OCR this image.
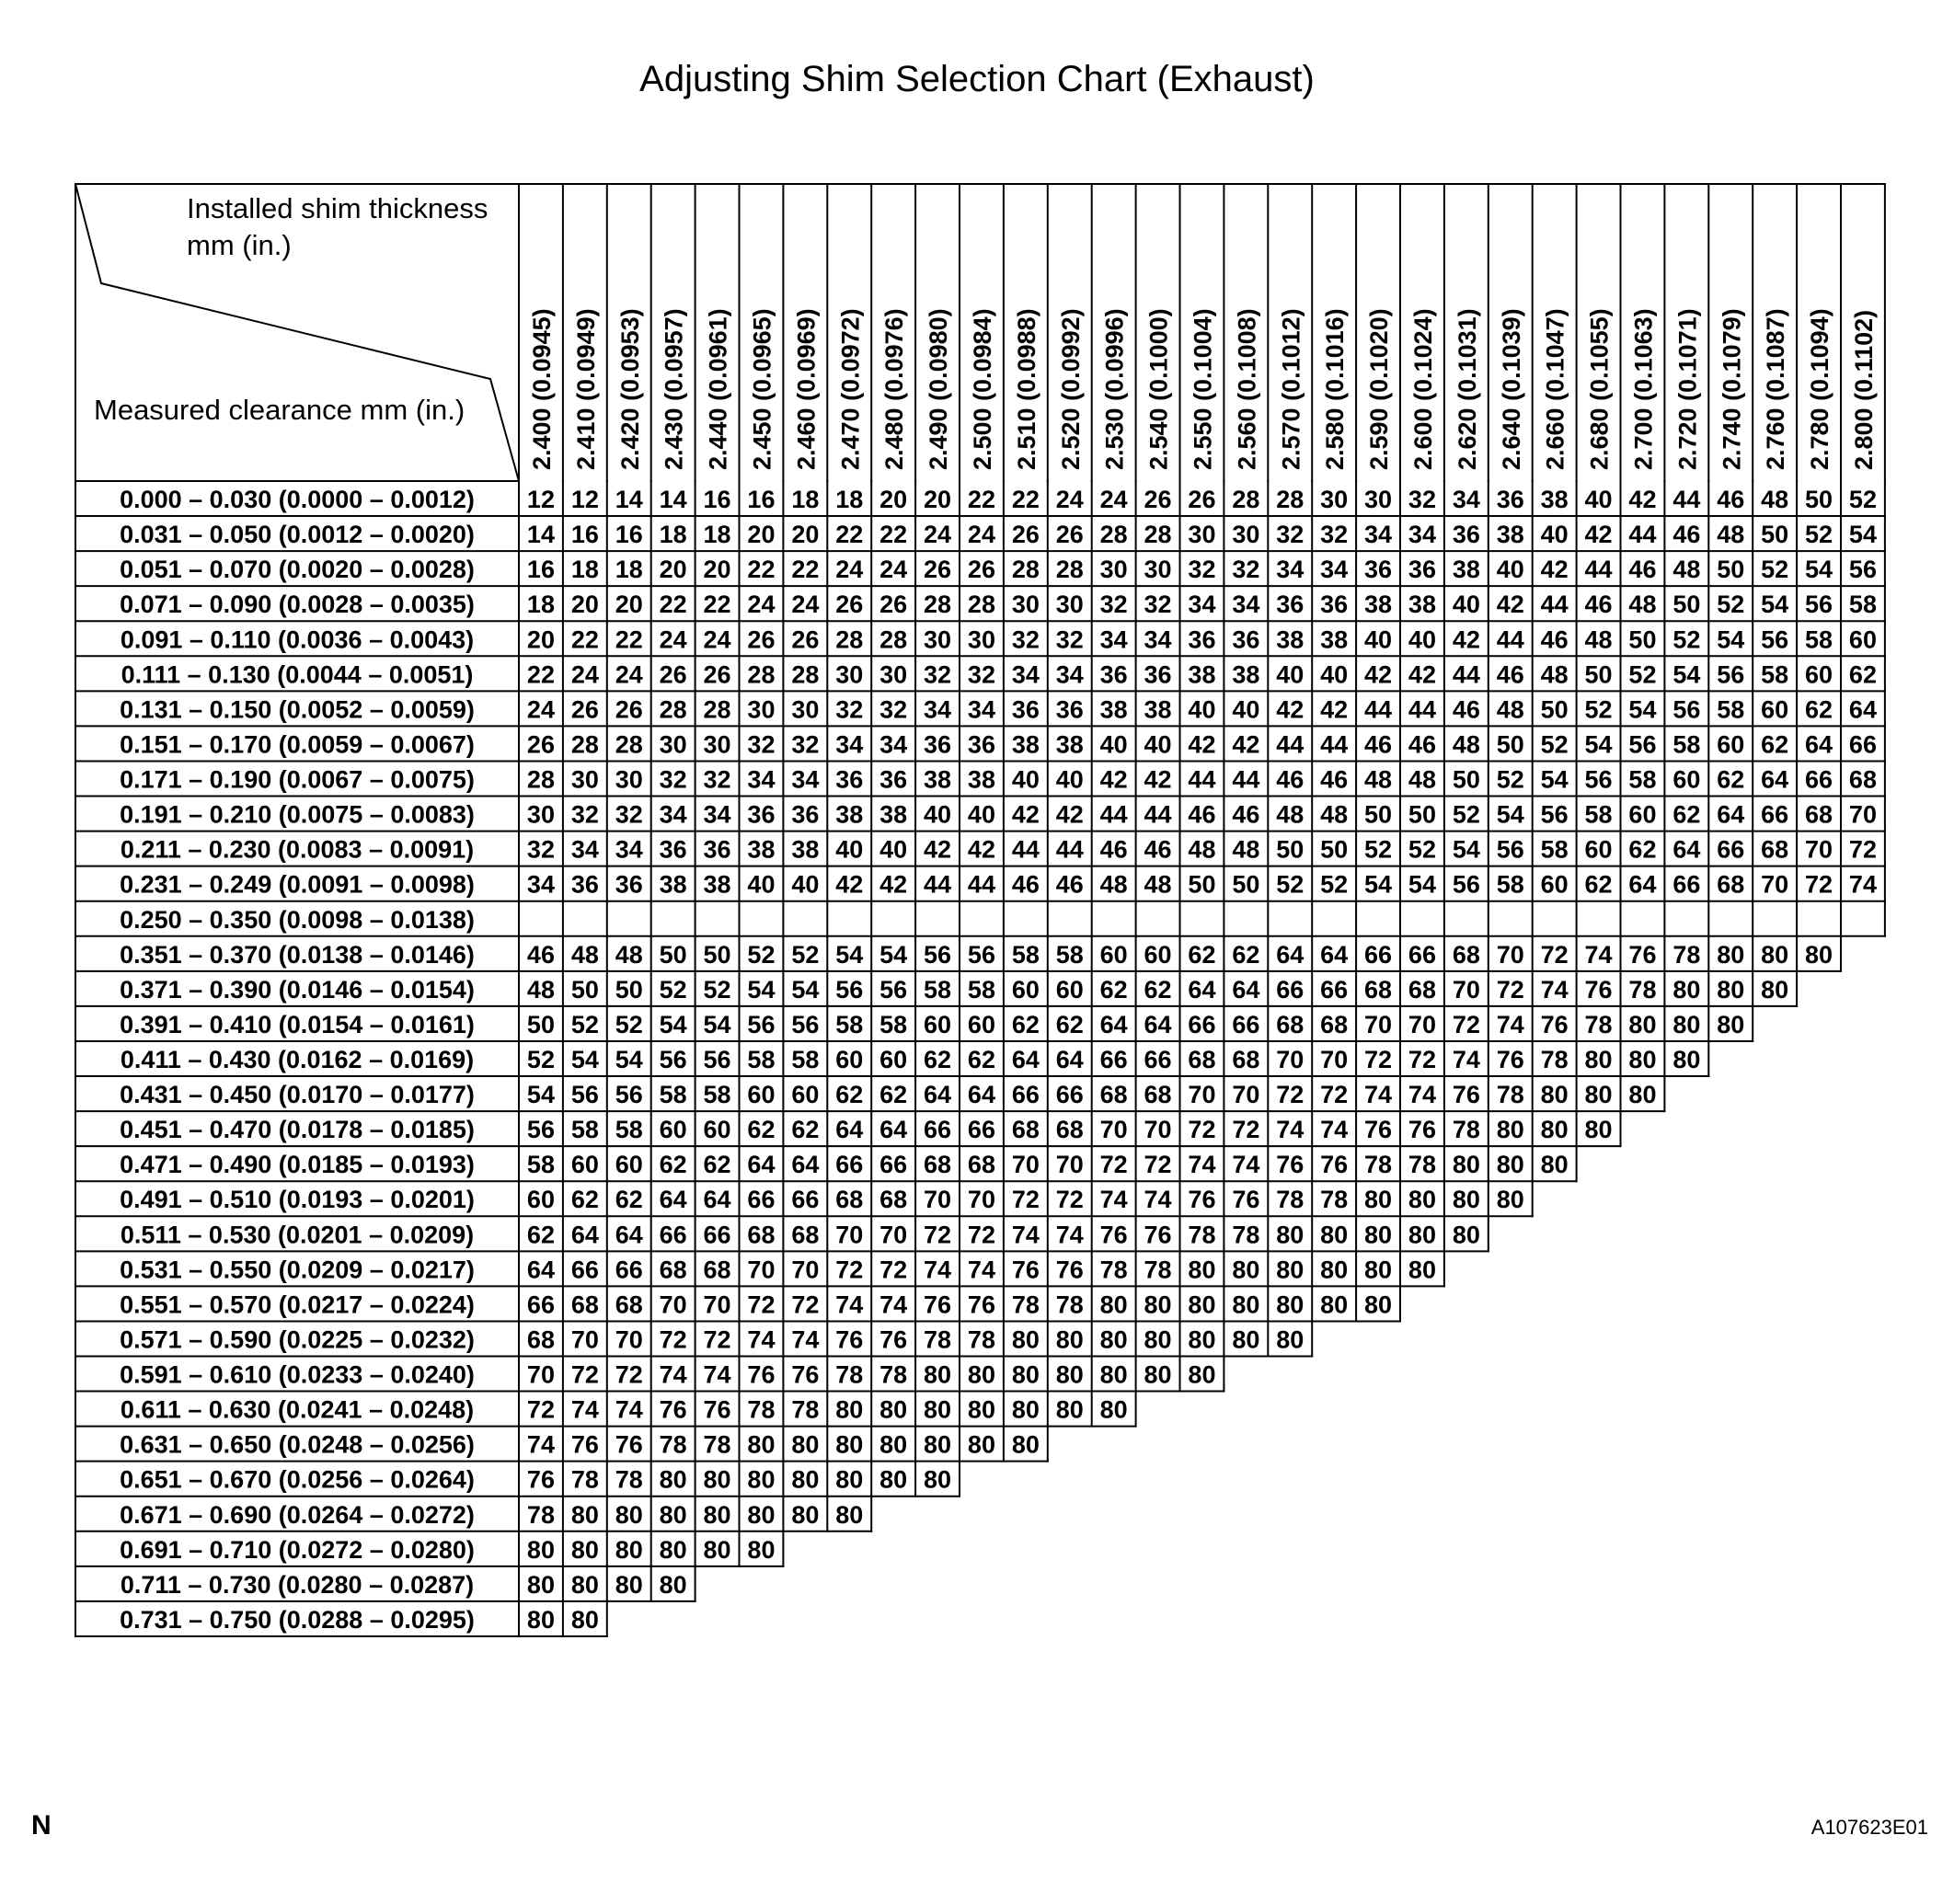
Adjusting Shim Selection Chart (Exhaust)
Installed shim thickness
mm (in.)
Measured clearance mm (in.)	2.400 (0.0945) 2.410 (0.0949) 2.420 (0.0953) 2.430 (0.0957) 2.440 (0.0961) 2.450 (0.0965) 2.460 (0.0969) 2.470 (0.0972) 2.480 (0.0976) 2.490 (0.0980) 2.500 (0.0984) 2.510 (0.0988) 2.520 (0.0992) 2.530 (0.0996) 2.540 (0.1000) 2.550 (0.1004) 2.560 (0.1008) 2.570 (0.1012) 2.580 (0.1016) 2.590 (0.1020) 2.600 (0.1024) 2.620 (0.1031) 2.640 (0.1039) 2.660 (0.1047) 2.680 (0.1055) 2.700 (0.1063) 2.720 (0.1071) 2.740 (0.1079) 2.760 (0.1087) 2.780 (0.1094) 2.800 (0.1102)
0.000 – 0.030 (0.0000 – 0.0012) 12 12 14 14 16 16 18 18 20 20 22 22 24 24 26 26 28 28 30 30 32 34 36 38 40 42 44 46 48 50 52
0.031 – 0.050 (0.0012 – 0.0020) 14 16 16 18 18 20 20 22 22 24 24 26 26 28 28 30 30 32 32 34 34 36 38 40 42 44 46 48 50 52 54
0.051 – 0.070 (0.0020 – 0.0028) 16 18 18 20 20 22 22 24 24 26 26 28 28 30 30 32 32 34 34 36 36 38 40 42 44 46 48 50 52 54 56
0.071 – 0.090 (0.0028 – 0.0035) 18 20 20 22 22 24 24 26 26 28 28 30 30 32 32 34 34 36 36 38 38 40 42 44 46 48 50 52 54 56 58
0.091 – 0.110 (0.0036 – 0.0043) 20 22 22 24 24 26 26 28 28 30 30 32 32 34 34 36 36 38 38 40 40 42 44 46 48 50 52 54 56 58 60
0.111 – 0.130 (0.0044 – 0.0051) 22 24 24 26 26 28 28 30 30 32 32 34 34 36 36 38 38 40 40 42 42 44 46 48 50 52 54 56 58 60 62
0.131 – 0.150 (0.0052 – 0.0059) 24 26 26 28 28 30 30 32 32 34 34 36 36 38 38 40 40 42 42 44 44 46 48 50 52 54 56 58 60 62 64
0.151 – 0.170 (0.0059 – 0.0067) 26 28 28 30 30 32 32 34 34 36 36 38 38 40 40 42 42 44 44 46 46 48 50 52 54 56 58 60 62 64 66
0.171 – 0.190 (0.0067 – 0.0075) 28 30 30 32 32 34 34 36 36 38 38 40 40 42 42 44 44 46 46 48 48 50 52 54 56 58 60 62 64 66 68
0.191 – 0.210 (0.0075 – 0.0083) 30 32 32 34 34 36 36 38 38 40 40 42 42 44 44 46 46 48 48 50 50 52 54 56 58 60 62 64 66 68 70
0.211 – 0.230 (0.0083 – 0.0091) 32 34 34 36 36 38 38 40 40 42 42 44 44 46 46 48 48 50 50 52 52 54 56 58 60 62 64 66 68 70 72
0.231 – 0.249 (0.0091 – 0.0098) 34 36 36 38 38 40 40 42 42 44 44 46 46 48 48 50 50 52 52 54 54 56 58 60 62 64 66 68 70 72 74
0.250 – 0.350 (0.0098 – 0.0138)
0.351 – 0.370 (0.0138 – 0.0146) 46 48 48 50 50 52 52 54 54 56 56 58 58 60 60 62 62 64 64 66 66 68 70 72 74 76 78 80 80 80
0.371 – 0.390 (0.0146 – 0.0154) 48 50 50 52 52 54 54 56 56 58 58 60 60 62 62 64 64 66 66 68 68 70 72 74 76 78 80 80 80
0.391 – 0.410 (0.0154 – 0.0161) 50 52 52 54 54 56 56 58 58 60 60 62 62 64 64 66 66 68 68 70 70 72 74 76 78 80 80 80
0.411 – 0.430 (0.0162 – 0.0169) 52 54 54 56 56 58 58 60 60 62 62 64 64 66 66 68 68 70 70 72 72 74 76 78 80 80 80
0.431 – 0.450 (0.0170 – 0.0177) 54 56 56 58 58 60 60 62 62 64 64 66 66 68 68 70 70 72 72 74 74 76 78 80 80 80
0.451 – 0.470 (0.0178 – 0.0185) 56 58 58 60 60 62 62 64 64 66 66 68 68 70 70 72 72 74 74 76 76 78 80 80 80
0.471 – 0.490 (0.0185 – 0.0193) 58 60 60 62 62 64 64 66 66 68 68 70 70 72 72 74 74 76 76 78 78 80 80 80
0.491 – 0.510 (0.0193 – 0.0201) 60 62 62 64 64 66 66 68 68 70 70 72 72 74 74 76 76 78 78 80 80 80 80
0.511 – 0.530 (0.0201 – 0.0209) 62 64 64 66 66 68 68 70 70 72 72 74 74 76 76 78 78 80 80 80 80 80
0.531 – 0.550 (0.0209 – 0.0217) 64 66 66 68 68 70 70 72 72 74 74 76 76 78 78 80 80 80 80 80 80
0.551 – 0.570 (0.0217 – 0.0224) 66 68 68 70 70 72 72 74 74 76 76 78 78 80 80 80 80 80 80 80
0.571 – 0.590 (0.0225 – 0.0232) 68 70 70 72 72 74 74 76 76 78 78 80 80 80 80 80 80 80
0.591 – 0.610 (0.0233 – 0.0240) 70 72 72 74 74 76 76 78 78 80 80 80 80 80 80 80
0.611 – 0.630 (0.0241 – 0.0248) 72 74 74 76 76 78 78 80 80 80 80 80 80 80
0.631 – 0.650 (0.0248 – 0.0256) 74 76 76 78 78 80 80 80 80 80 80 80
0.651 – 0.670 (0.0256 – 0.0264) 76 78 78 80 80 80 80 80 80 80
0.671 – 0.690 (0.0264 – 0.0272) 78 80 80 80 80 80 80 80
0.691 – 0.710 (0.0272 – 0.0280) 80 80 80 80 80 80
0.711 – 0.730 (0.0280 – 0.0287) 80 80 80 80
0.731 – 0.750 (0.0288 – 0.0295) 80 80
N	A107623E01
